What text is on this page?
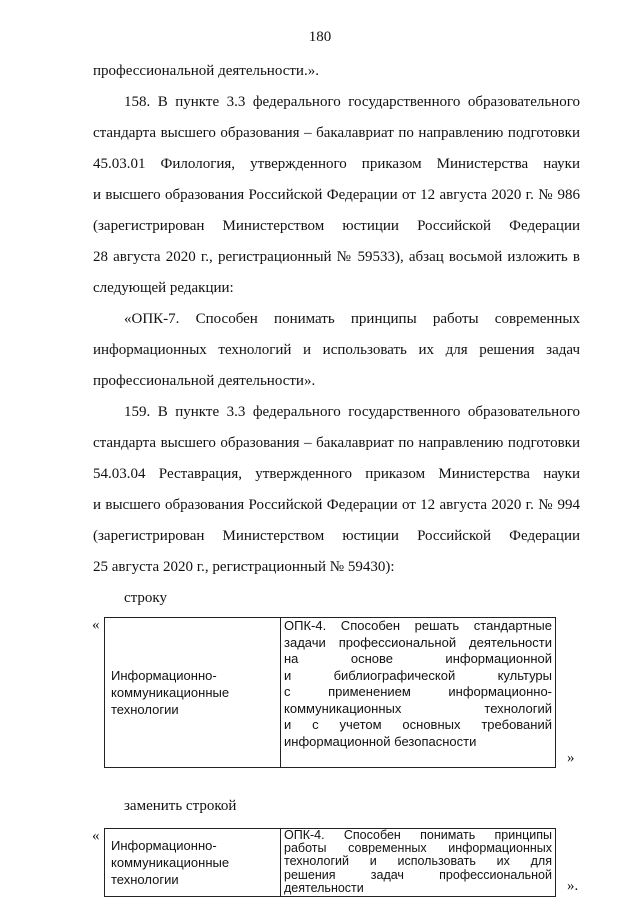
180
профессиональной деятельности.».
158. В пункте 3.3 федерального государственного образовательного
стандарта высшего образования – бакалавриат по направлению подготовки
45.03.01 Филология, утвержденного приказом Министерства науки
и высшего образования Российской Федерации от 12 августа 2020 г. № 986
(зарегистрирован Министерством юстиции Российской Федерации
28 августа 2020 г., регистрационный № 59533), абзац восьмой изложить в
следующей редакции:
«ОПК-7. Способен понимать принципы работы современных
информационных технологий и использовать их для решения задач
профессиональной деятельности».
159. В пункте 3.3 федерального государственного образовательного
стандарта высшего образования – бакалавриат по направлению подготовки
54.03.04 Реставрация, утвержденного приказом Министерства науки
и высшего образования Российской Федерации от 12 августа 2020 г. № 994
(зарегистрирован Министерством юстиции Российской Федерации
25 августа 2020 г., регистрационный № 59430):
строку
«
Информационно-
коммуникационные
технологии

ОПК-4. Способен решать стандартные
задачи профессиональной деятельности
на основе информационной
и библиографической культуры
с применением информационно-
коммуникационных технологий
и с учетом основных требований
информационной безопасности
»
заменить строкой
«
Информационно-
коммуникационные
технологии

ОПК-4. Способен понимать принципы
работы современных информационных
технологий и использовать их для
решения задач профессиональной
деятельности	».
